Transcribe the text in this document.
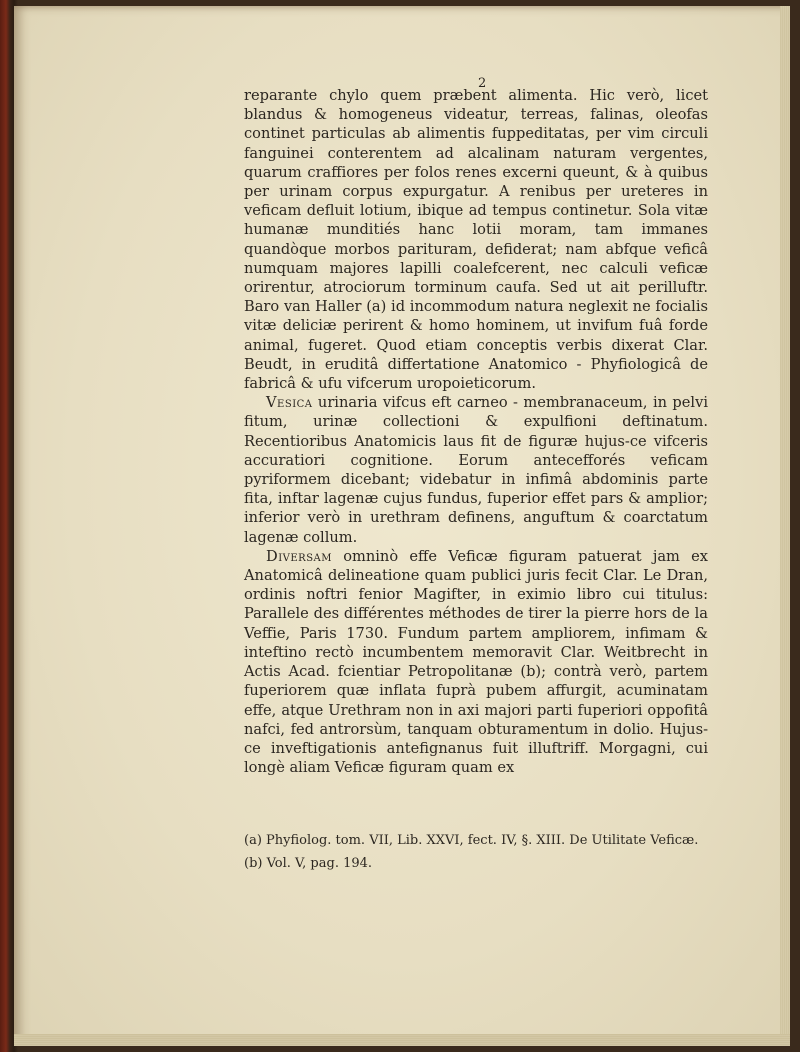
2

reparante chylo quem præbent alimenta. Hic verò, licet blandus & homogeneus videatur, terreas, falinas, oleofas continet particulas ab alimentis fuppeditatas, per vim circuli fanguinei conterentem ad alcalinam naturam vergentes, quarum craffiores per folos renes excerni queunt, & à quibus per urinam corpus expurgatur. A renibus per ureteres in veficam defluit lotium, ibique ad tempus continetur. Sola vitæ humanæ munditiés hanc lotii moram, tam immanes quandòque morbos parituram, defiderat; nam abfque veficâ numquam majores lapilli coalefcerent, nec calculi veficæ orirentur, atrociorum torminum caufa. Sed ut ait perilluftr. Baro van Haller (a) id incommodum natura neglexit ne focialis vitæ deliciæ perirent & homo hominem, ut invifum fuâ forde animal, fugeret. Quod etiam conceptis verbis dixerat Clar. Beudt, in eruditâ differtatione Anatomico - Phyfiologicâ de fabricâ & ufu vifcerum uropoieticorum.

Vesica urinaria vifcus eft carneo - membranaceum, in pelvi fitum, urinæ collectioni & expulfioni deftinatum. Recentioribus Anatomicis laus fit de figuræ hujus-ce vifceris accuratiori cognitione. Eorum antecefforés veficam pyriformem dicebant; videbatur in infimâ abdominis parte fita, inftar lagenæ cujus fundus, fuperior effet pars & amplior; inferior verò in urethram definens, anguftum & coarctatum lagenæ collum.

Diversam omninò effe Veficæ figuram patuerat jam ex Anatomicâ delineatione quam publici juris fecit Clar. Le Dran, ordinis noftri fenior Magifter, in eximio libro cui titulus: Parallele des différentes méthodes de tirer la pierre hors de la Veffie, Paris 1730. Fundum partem ampliorem, infimam & inteftino rectò incumbentem memoravit Clar. Weitbrecht in Actis Acad. fcientiar Petropolitanæ (b); contrà verò, partem fuperiorem quæ inflata fuprà pubem affurgit, acuminatam effe, atque Urethram non in axi majori parti fuperiori oppofitâ nafci, fed antrorsùm, tanquam obturamentum in dolio. Hujus-ce inveftigationis antefignanus fuit illuftriff. Morgagni, cui longè aliam Veficæ figuram quam ex

(a) Phyfiolog. tom. VII, Lib. XXVI, fect. IV, §. XIII. De Utilitate Veficæ.

(b) Vol. V, pag. 194.
